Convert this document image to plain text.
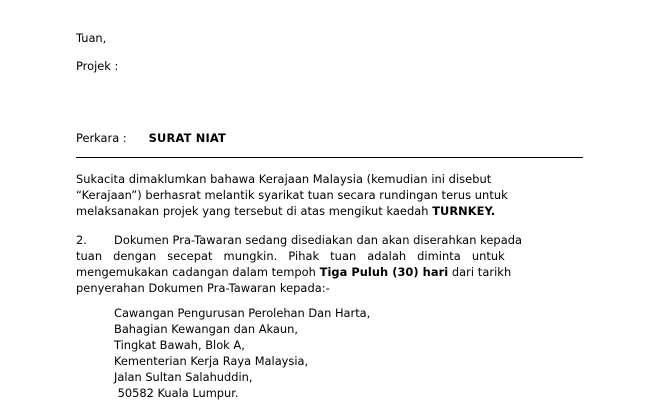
Tuan,

Projek :

Perkara : SURAT NIAT

Sukacita dimaklumkan bahawa Kerajaan Malaysia (kemudian ini disebut

“Kerajaan”) berhasrat melantik syarikat tuan secara rundingan terus untuk

melaksanakan projek yang tersebut di atas mengikut kaedah TURNKEY.

2. Dokumen Pra-Tawaran sedang disediakan dan akan diserahkan kepada

tuan   dengan   secepat   mungkin.   Pihak   tuan   adalah   diminta   untuk

mengemukakan cadangan dalam tempoh Tiga Puluh (30) hari dari tarikh

penyerahan Dokumen Pra-Tawaran kepada:-

Cawangan Pengurusan Perolehan Dan Harta,

Bahagian Kewangan dan Akaun,

Tingkat Bawah, Blok A,

Kementerian Kerja Raya Malaysia,

Jalan Sultan Salahuddin,

50582 Kuala Lumpur.
